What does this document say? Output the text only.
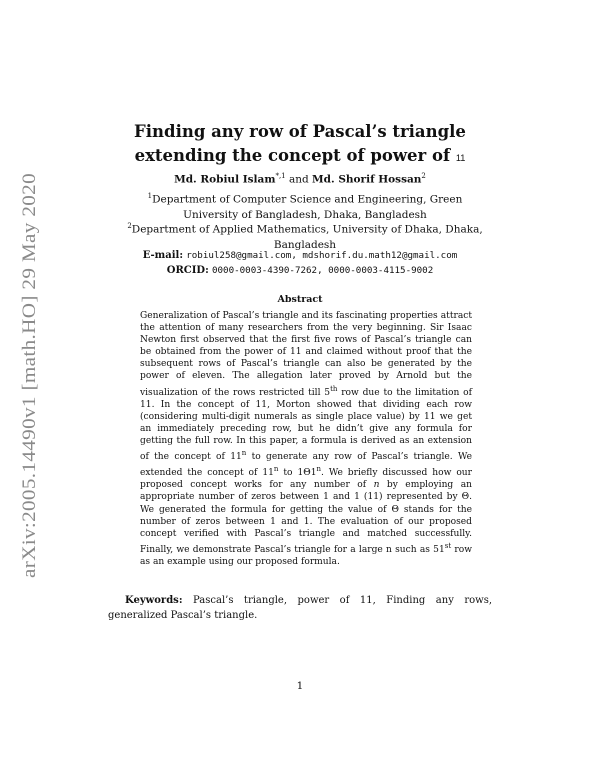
arXiv:2005.14490v1 [math.HO] 29 May 2020
Finding any row of Pascal’s triangle
extending the concept of power of 11
Md. Robiul Islam$^{*,1}$ and Md. Shorif Hossan$^2$
$^1$Department of Computer Science and Engineering, Green University of Bangladesh, Dhaka, Bangladesh
$^2$Department of Applied Mathematics, University of Dhaka, Dhaka, Bangladesh
E-mail: robiul258@gmail.com, mdshorif.du.math12@gmail.com
ORCID: 0000-0003-4390-7262, 0000-0003-4115-9002
Abstract
Generalization of Pascal’s triangle and its fascinating properties attract the attention of many researchers from the very beginning. Sir Isaac Newton first observed that the first five rows of Pascal’s triangle can be obtained from the power of 11 and claimed without proof that the subsequent rows of Pascal’s triangle can also be generated by the power of eleven. The allegation later proved by Arnold but the visualization of the rows restricted till 5th row due to the limitation of 11. In the concept of 11, Morton showed that dividing each row (considering multi-digit numerals as single place value) by 11 we get an immediately preceding row, but he didn’t give any formula for getting the full row. In this paper, a formula is derived as an extension of the concept of 11$^n$ to generate any row of Pascal’s triangle. We extended the concept of 11$^n$ to 1Θ1$^n$. We briefly discussed how our proposed concept works for any number of n by employing an appropriate number of zeros between 1 and 1 (11) represented by Θ. We generated the formula for getting the value of Θ stands for the number of zeros between 1 and 1. The evaluation of our proposed concept verified with Pascal’s triangle and matched successfully. Finally, we demonstrate Pascal’s triangle for a large n such as 51st row as an example using our proposed formula.
Keywords: Pascal’s triangle, power of 11, Finding any rows, generalized Pascal’s triangle.
1
